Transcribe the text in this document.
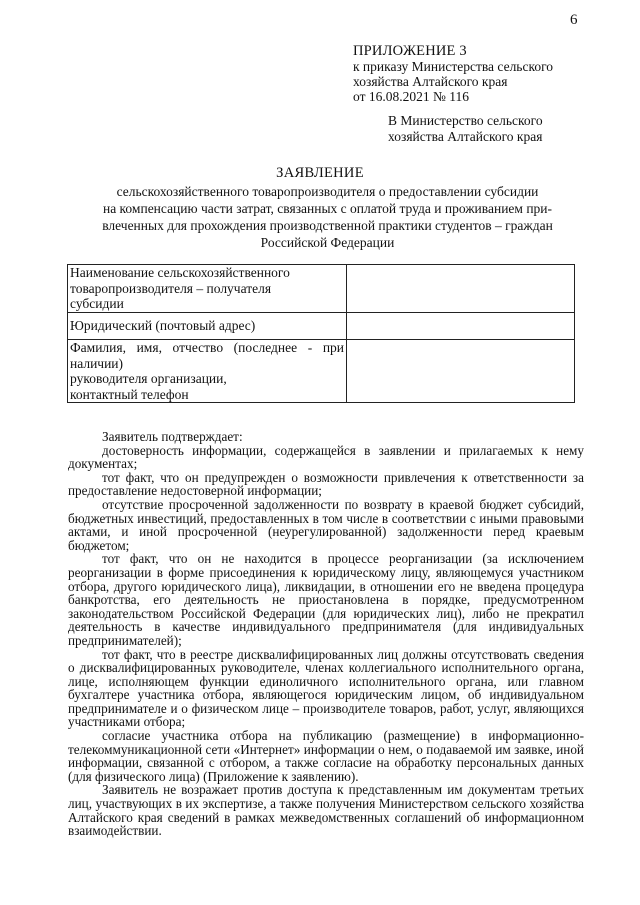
6
ПРИЛОЖЕНИЕ 3
к приказу Министерства сельского
хозяйства Алтайского края
от 16.08.2021 № 116
В Министерство сельского
хозяйства Алтайского края
ЗАЯВЛЕНИЕ
сельскохозяйственного товаропроизводителя о предоставлении субсидии
на компенсацию части затрат, связанных с оплатой труда и проживанием при-
влеченных для прохождения производственной практики студентов – граждан
Российской Федерации
Наименование сельскохозяйственного
товаропроизводителя – получателя
субсидии	

Юридический (почтовый адрес)	

Фамилия, имя, отчество (последнее - при
наличии)
руководителя организации,
контактный телефон	

Заявитель подтверждает:

достоверность информации, содержащейся в заявлении и прилагаемых к нему документах;

тот факт, что он предупрежден о возможности привлечения к ответственности за предоставление недостоверной информации;

отсутствие просроченной задолженности по возврату в краевой бюджет субсидий, бюджетных инвестиций, предоставленных в том числе в соответствии с иными правовыми актами, и иной просроченной (неурегулированной) задолженности перед краевым бюджетом;

тот факт, что он не находится в процессе реорганизации (за исключением реорганизации в форме присоединения к юридическому лицу, являющемуся участником отбора, другого юридического лица), ликвидации, в отношении его не введена процедура банкротства, его деятельность не приостановлена в порядке, предусмотренном законодательством Российской Федерации (для юридических лиц), либо не прекратил деятельность в качестве индивидуального предпринимателя (для индивидуальных предпринимателей);

тот факт, что в реестре дисквалифицированных лиц должны отсутствовать сведения о дисквалифицированных руководителе, членах коллегиального исполнительного органа, лице, исполняющем функции единоличного исполнительного органа, или главном бухгалтере участника отбора, являющегося юридическим лицом, об индивидуальном предпринимателе и о физическом лице – производителе товаров, работ, услуг, являющихся участниками отбора;

согласие участника отбора на публикацию (размещение) в информационно-телекоммуникационной сети «Интернет» информации о нем, о подаваемой им заявке, иной информации, связанной с отбором, а также согласие на обработку персональных данных (для физического лица) (Приложение к заявлению).

Заявитель не возражает против доступа к представленным им документам третьих лиц, участвующих в их экспертизе, а также получения Министерством сельского хозяйства Алтайского края сведений в рамках межведомственных соглашений об информационном взаимодействии.
